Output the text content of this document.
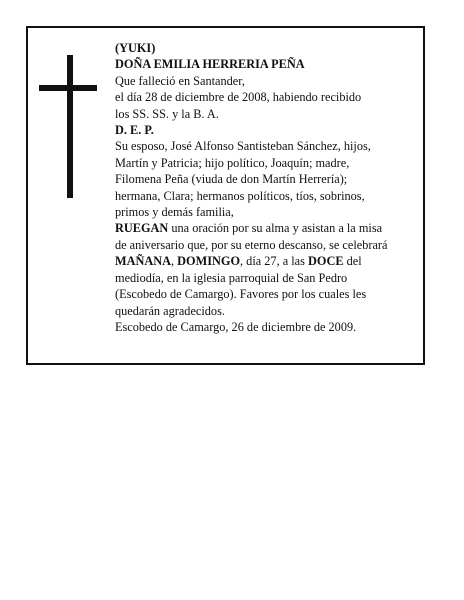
(YUKI)
DOÑA EMILIA HERRERIA PEÑA
Que falleció en Santander,
el día 28 de diciembre de 2008, habiendo recibido
los SS. SS. y la B. A.
D. E. P.
Su esposo, José Alfonso Santisteban Sánchez, hijos,
Martín y Patricia; hijo político, Joaquín; madre,
Filomena Peña (viuda de don Martín Herrería);
hermana, Clara; hermanos políticos, tíos, sobrinos,
primos y demás familia,
RUEGAN una oración por su alma y asistan a la misa
de aniversario que, por su eterno descanso, se celebrará
MAÑANA, DOMINGO, día 27, a las DOCE del
mediodía, en la iglesia parroquial de San Pedro
(Escobedo de Camargo). Favores por los cuales les
quedarán agradecidos.
Escobedo de Camargo, 26 de diciembre de 2009.
